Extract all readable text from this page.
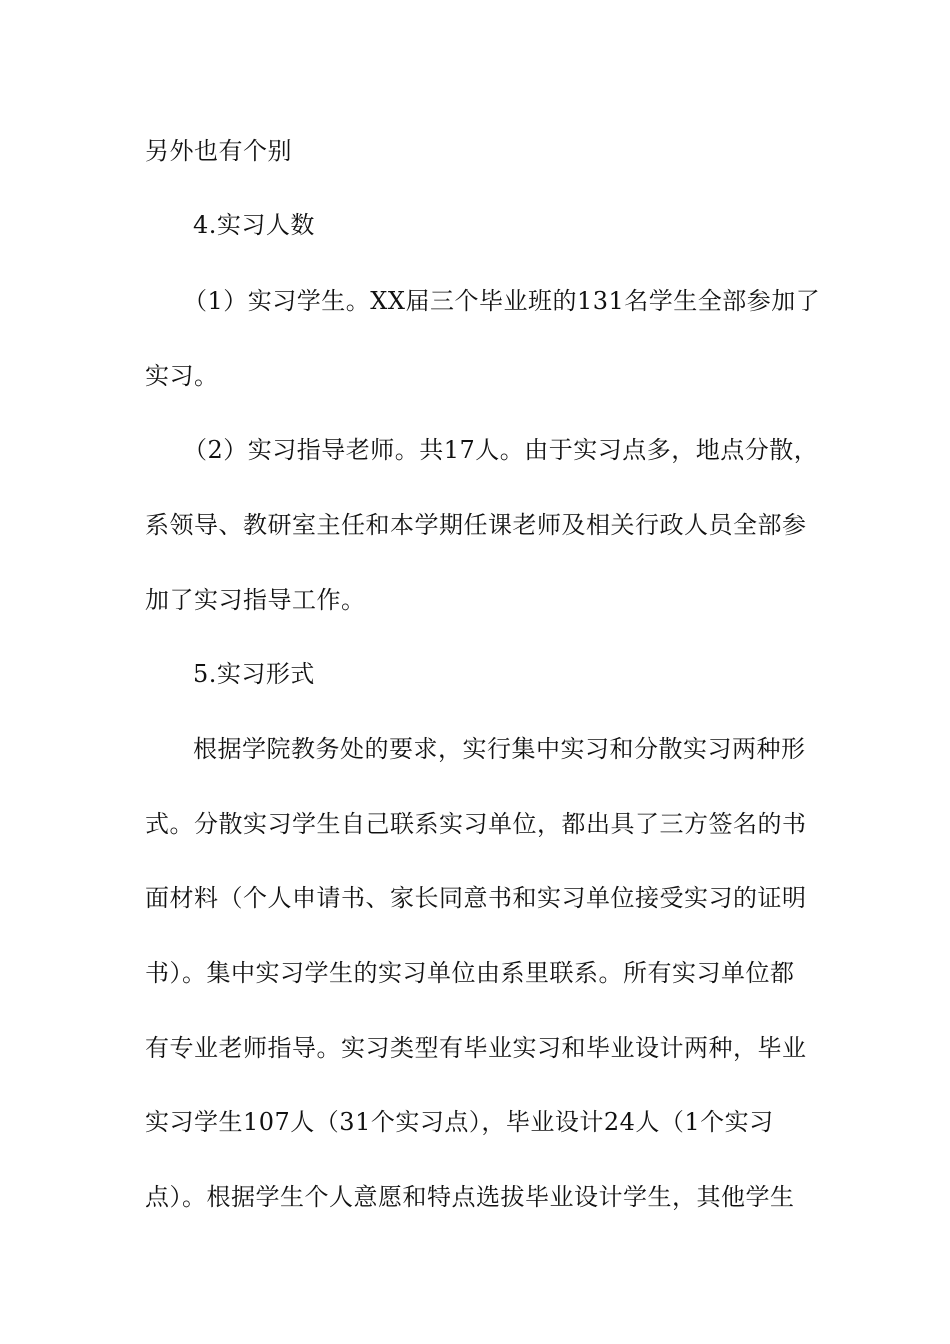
另外也有个别
4.实习人数
（1）实习学生。XX届三个毕业班的131名学生全部参加了
实习。
（2）实习指导老师。共17人。由于实习点多，地点分散，
系领导、教研室主任和本学期任课老师及相关行政人员全部参
加了实习指导工作。
5.实习形式
根据学院教务处的要求，实行集中实习和分散实习两种形
式。分散实习学生自己联系实习单位，都出具了三方签名的书
面材料（个人申请书、家长同意书和实习单位接受实习的证明
书）。集中实习学生的实习单位由系里联系。所有实习单位都
有专业老师指导。实习类型有毕业实习和毕业设计两种，毕业
实习学生107人（31个实习点），毕业设计24人（1个实习
点）。根据学生个人意愿和特点选拔毕业设计学生，其他学生
